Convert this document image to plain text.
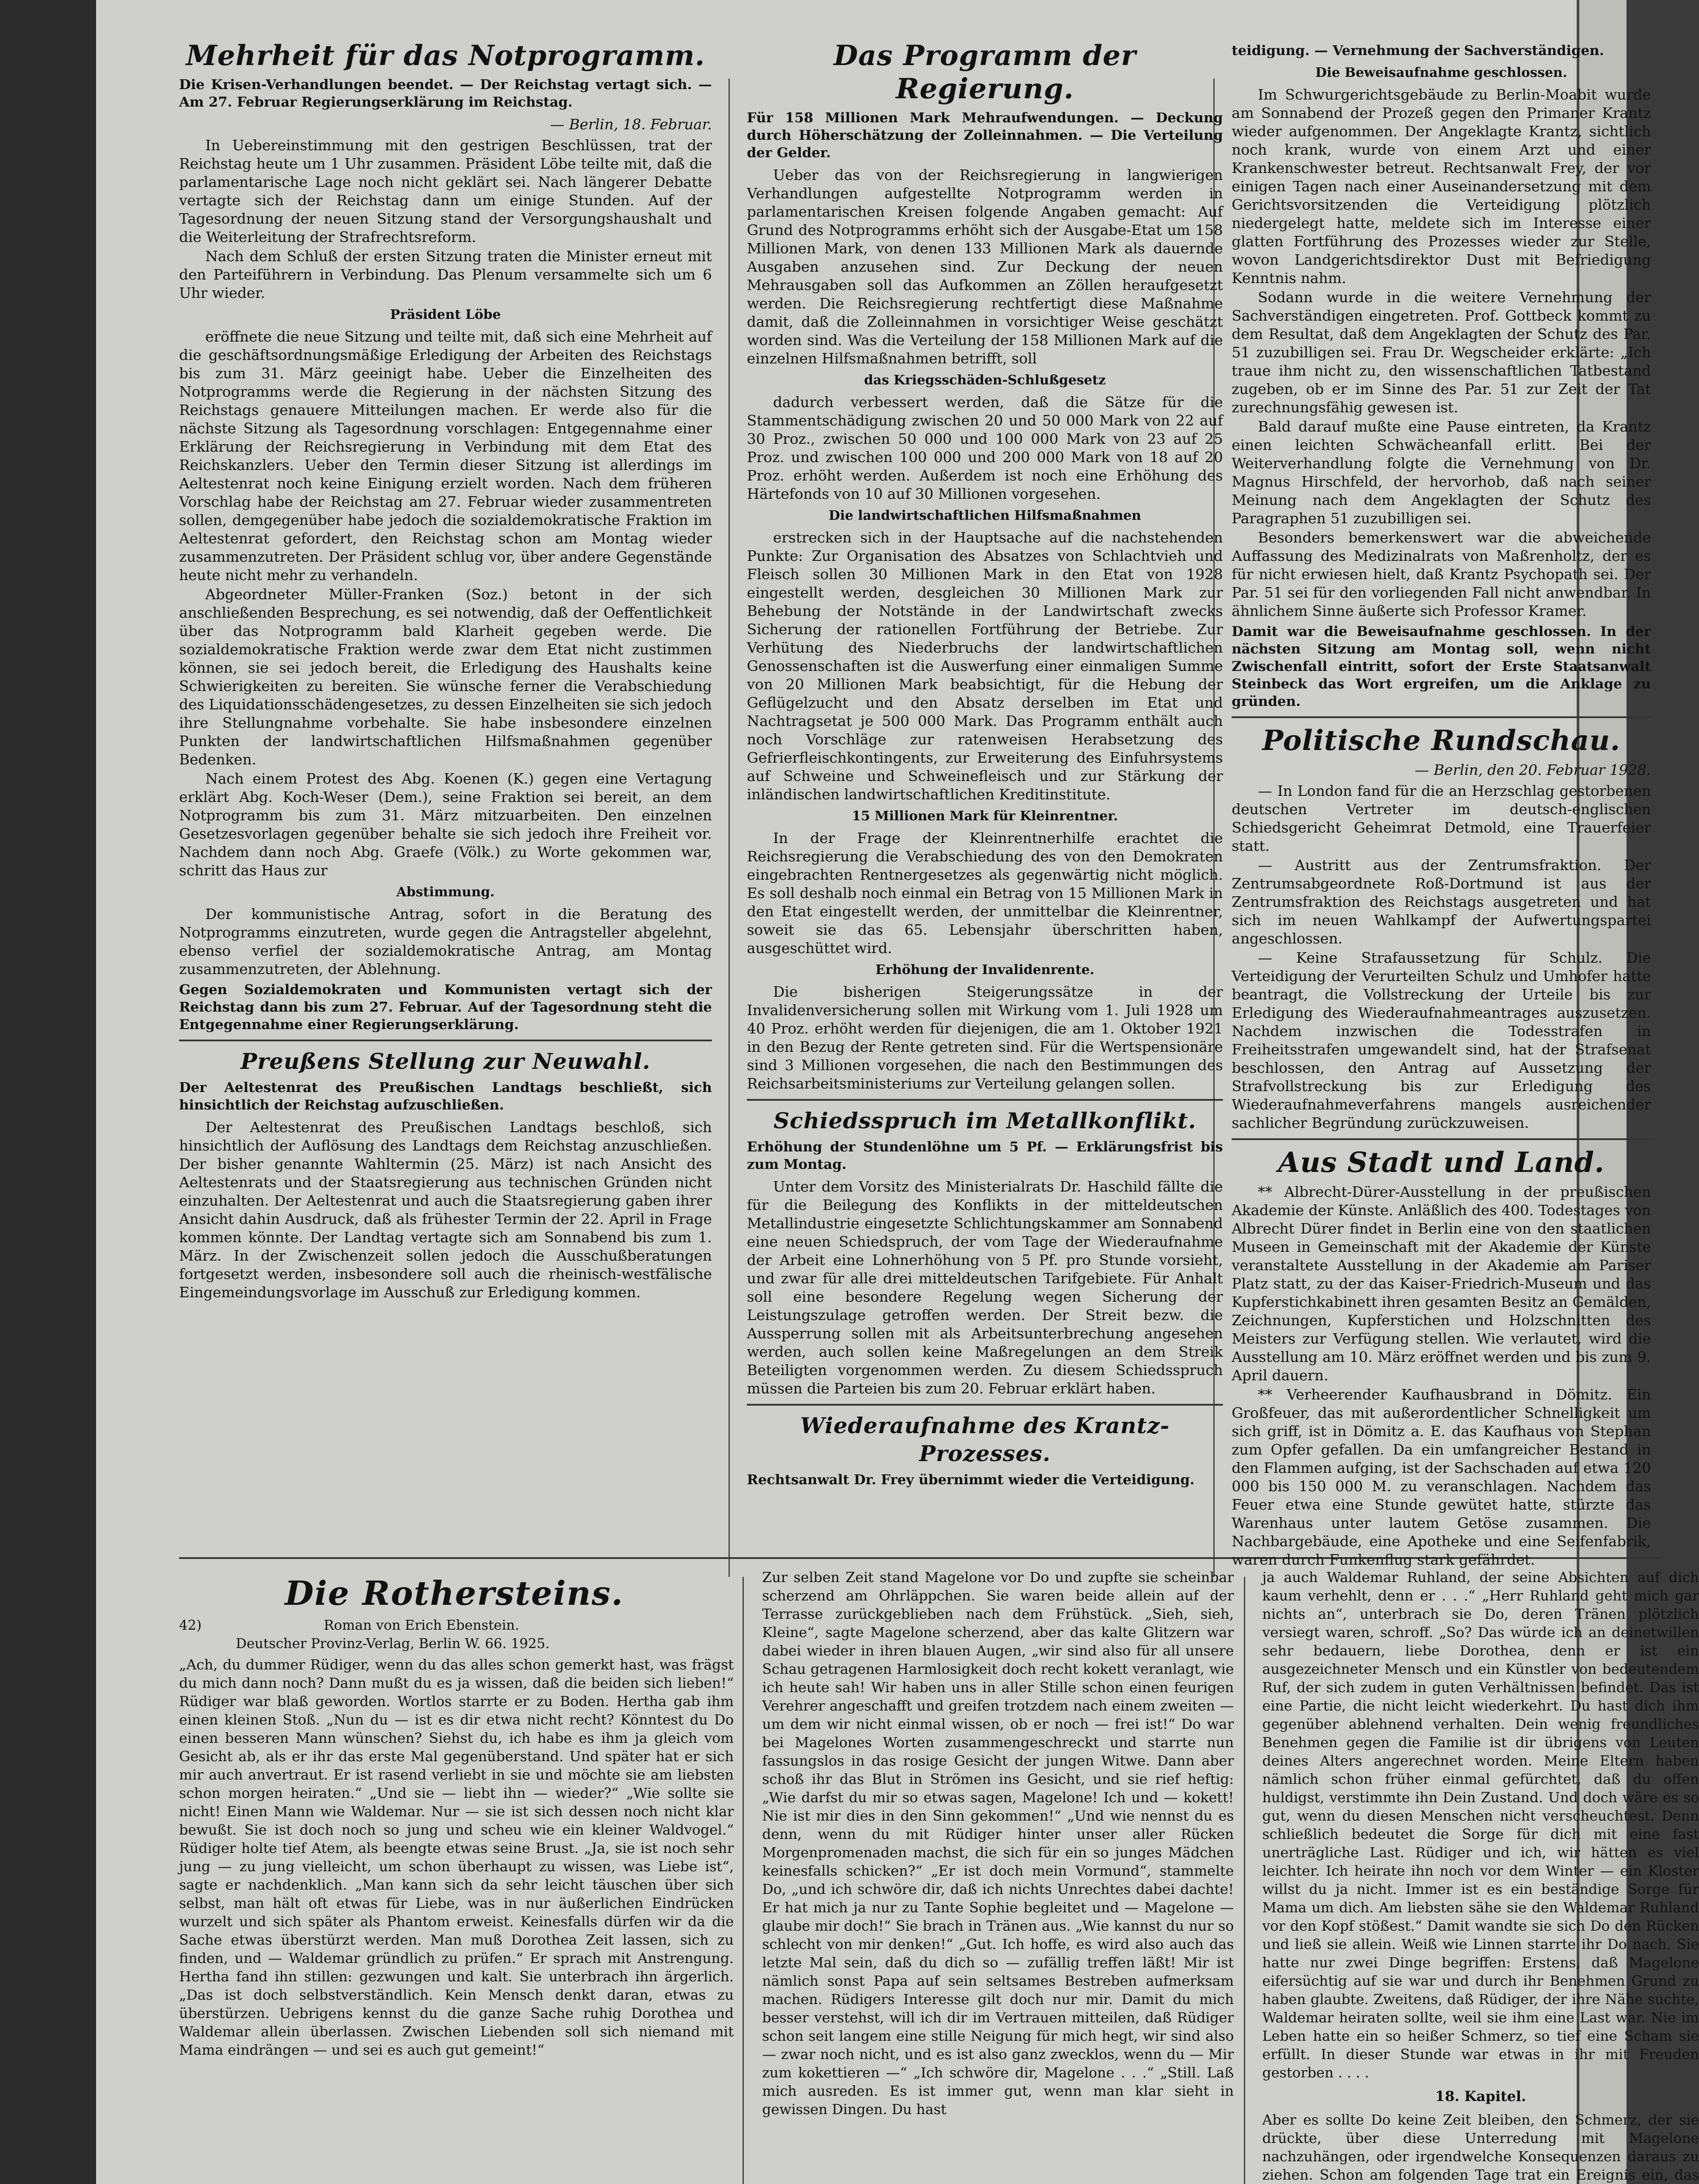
Mehrheit für das Notprogramm.
Die Krisen-Verhandlungen beendet. — Der Reichstag vertagt sich. — Am 27. Februar Regierungserklärung im Reichstag.
— Berlin, 18. Februar.

In Uebereinstimmung mit den gestrigen Beschlüssen, trat der Reichstag heute um 1 Uhr zusammen. Präsident Löbe teilte mit, daß die parlamentarische Lage noch nicht geklärt sei. Nach längerer Debatte vertagte sich der Reichstag dann um einige Stunden. Auf der Tagesordnung der neuen Sitzung stand der Versorgungshaushalt und die Weiterleitung der Strafrechtsreform.

Nach dem Schluß der ersten Sitzung traten die Minister erneut mit den Parteiführern in Verbindung. Das Plenum versammelte sich um 6 Uhr wieder.

Präsident Löbe

eröffnete die neue Sitzung und teilte mit, daß sich eine Mehrheit auf die geschäftsordnungsmäßige Erledigung der Arbeiten des Reichstags bis zum 31. März geeinigt habe. Ueber die Einzelheiten des Notprogramms werde die Regierung in der nächsten Sitzung des Reichstags genauere Mitteilungen machen. Er werde also für die nächste Sitzung als Tagesordnung vorschlagen: Entgegennahme einer Erklärung der Reichsregierung in Verbindung mit dem Etat des Reichskanzlers. Ueber den Termin dieser Sitzung ist allerdings im Aeltestenrat noch keine Einigung erzielt worden. Nach dem früheren Vorschlag habe der Reichstag am 27. Februar wieder zusammentreten sollen, demgegenüber habe jedoch die sozialdemokratische Fraktion im Aeltestenrat gefordert, den Reichstag schon am Montag wieder zusammenzutreten. Der Präsident schlug vor, über andere Gegenstände heute nicht mehr zu verhandeln.

Abgeordneter Müller-Franken (Soz.) betont in der sich anschließenden Besprechung, es sei notwendig, daß der Oeffentlichkeit über das Notprogramm bald Klarheit gegeben werde. Die sozialdemokratische Fraktion werde zwar dem Etat nicht zustimmen können, sie sei jedoch bereit, die Erledigung des Haushalts keine Schwierigkeiten zu bereiten. Sie wünsche ferner die Verabschiedung des Liquidationsschädengesetzes, zu dessen Einzelheiten sie sich jedoch ihre Stellungnahme vorbehalte. Sie habe insbesondere einzelnen Punkten der landwirtschaftlichen Hilfsmaßnahmen gegenüber Bedenken.

Nach einem Protest des Abg. Koenen (K.) gegen eine Vertagung erklärt Abg. Koch-Weser (Dem.), seine Fraktion sei bereit, an dem Notprogramm bis zum 31. März mitzuarbeiten. Den einzelnen Gesetzesvorlagen gegenüber behalte sie sich jedoch ihre Freiheit vor. Nachdem dann noch Abg. Graefe (Völk.) zu Worte gekommen war, schritt das Haus zur

Abstimmung.

Der kommunistische Antrag, sofort in die Beratung des Notprogramms einzutreten, wurde gegen die Antragsteller abgelehnt, ebenso verfiel der sozialdemokratische Antrag, am Montag zusammenzutreten, der Ablehnung.

Gegen Sozialdemokraten und Kommunisten vertagt sich der Reichstag dann bis zum 27. Februar. Auf der Tagesordnung steht die Entgegennahme einer Regierungserklärung.
Preußens Stellung zur Neuwahl.
Der Aeltestenrat des Preußischen Landtags beschließt, sich hinsichtlich der Reichstag aufzuschließen.

Der Aeltestenrat des Preußischen Landtags beschloß, sich hinsichtlich der Auflösung des Landtags dem Reichstag anzuschließen. Der bisher genannte Wahltermin (25. März) ist nach Ansicht des Aeltestenrats und der Staatsregierung aus technischen Gründen nicht einzuhalten. Der Aeltestenrat und auch die Staatsregierung gaben ihrer Ansicht dahin Ausdruck, daß als frühester Termin der 22. April in Frage kommen könnte. Der Landtag vertagte sich am Sonnabend bis zum 1. März. In der Zwischenzeit sollen jedoch die Ausschußberatungen fortgesetzt werden, insbesondere soll auch die rheinisch-westfälische Eingemeindungsvorlage im Ausschuß zur Erledigung kommen.

Das Programm der Regierung.
Für 158 Millionen Mark Mehraufwendungen. — Deckung durch Höherschätzung der Zolleinnahmen. — Die Verteilung der Gelder.

Ueber das von der Reichsregierung in langwierigen Verhandlungen aufgestellte Notprogramm werden in parlamentarischen Kreisen folgende Angaben gemacht: Auf Grund des Notprogramms erhöht sich der Ausgabe-Etat um 158 Millionen Mark, von denen 133 Millionen Mark als dauernde Ausgaben anzusehen sind. Zur Deckung der neuen Mehrausgaben soll das Aufkommen an Zöllen heraufgesetzt werden. Die Reichsregierung rechtfertigt diese Maßnahme damit, daß die Zolleinnahmen in vorsichtiger Weise geschätzt worden sind. Was die Verteilung der 158 Millionen Mark auf die einzelnen Hilfsmaßnahmen betrifft, soll

das Kriegsschäden-Schlußgesetz

dadurch verbessert werden, daß die Sätze für die Stammentschädigung zwischen 20 und 50 000 Mark von 22 auf 30 Proz., zwischen 50 000 und 100 000 Mark von 23 auf 25 Proz. und zwischen 100 000 und 200 000 Mark von 18 auf 20 Proz. erhöht werden. Außerdem ist noch eine Erhöhung des Härtefonds von 10 auf 30 Millionen vorgesehen.

Die landwirtschaftlichen Hilfsmaßnahmen

erstrecken sich in der Hauptsache auf die nachstehenden Punkte: Zur Organisation des Absatzes von Schlachtvieh und Fleisch sollen 30 Millionen Mark in den Etat von 1928 eingestellt werden, desgleichen 30 Millionen Mark zur Behebung der Notstände in der Landwirtschaft zwecks Sicherung der rationellen Fortführung der Betriebe. Zur Verhütung des Niederbruchs der landwirtschaftlichen Genossenschaften ist die Auswerfung einer einmaligen Summe von 20 Millionen Mark beabsichtigt, für die Hebung der Geflügelzucht und den Absatz derselben im Etat und Nachtragsetat je 500 000 Mark. Das Programm enthält auch noch Vorschläge zur ratenweisen Herabsetzung des Gefrierfleischkontingents, zur Erweiterung des Einfuhrsystems auf Schweine und Schweinefleisch und zur Stärkung der inländischen landwirtschaftlichen Kreditinstitute.

15 Millionen Mark für Kleinrentner.

In der Frage der Kleinrentnerhilfe erachtet die Reichsregierung die Verabschiedung des von den Demokraten eingebrachten Rentnergesetzes als gegenwärtig nicht möglich. Es soll deshalb noch einmal ein Betrag von 15 Millionen Mark in den Etat eingestellt werden, der unmittelbar die Kleinrentner, soweit sie das 65. Lebensjahr überschritten haben, ausgeschüttet wird.

Erhöhung der Invalidenrente.

Die bisherigen Steigerungssätze in der Invalidenversicherung sollen mit Wirkung vom 1. Juli 1928 um 40 Proz. erhöht werden für diejenigen, die am 1. Oktober 1921 in den Bezug der Rente getreten sind. Für die Wertspensionäre sind 3 Millionen vorgesehen, die nach den Bestimmungen des Reichsarbeitsministeriums zur Verteilung gelangen sollen.

Schiedsspruch im Metallkonflikt.
Erhöhung der Stundenlöhne um 5 Pf. — Erklärungsfrist bis zum Montag.

Unter dem Vorsitz des Ministerialrats Dr. Haschild fällte die für die Beilegung des Konflikts in der mitteldeutschen Metallindustrie eingesetzte Schlichtungskammer am Sonnabend eine neuen Schiedspruch, der vom Tage der Wiederaufnahme der Arbeit eine Lohnerhöhung von 5 Pf. pro Stunde vorsieht, und zwar für alle drei mitteldeutschen Tarifgebiete. Für Anhalt soll eine besondere Regelung wegen Sicherung der Leistungszulage getroffen werden. Der Streit bezw. die Aussperrung sollen mit als Arbeitsunterbrechung angesehen werden, auch sollen keine Maßregelungen an dem Streik Beteiligten vorgenommen werden. Zu diesem Schiedsspruch müssen die Parteien bis zum 20. Februar erklärt haben.

Wiederaufnahme des Krantz-Prozesses.
Rechtsanwalt Dr. Frey übernimmt wieder die Verteidigung.
teidigung. — Vernehmung der Sachverständigen.
Die Beweisaufnahme geschlossen.

Im Schwurgerichtsgebäude zu Berlin-Moabit wurde am Sonnabend der Prozeß gegen den Primaner Krantz wieder aufgenommen. Der Angeklagte Krantz, sichtlich noch krank, wurde von einem Arzt und einer Krankenschwester betreut. Rechtsanwalt Frey, der vor einigen Tagen nach einer Auseinandersetzung mit dem Gerichtsvorsitzenden die Verteidigung plötzlich niedergelegt hatte, meldete sich im Interesse einer glatten Fortführung des Prozesses wieder zur Stelle, wovon Landgerichtsdirektor Dust mit Befriedigung Kenntnis nahm.

Sodann wurde in die weitere Vernehmung der Sachverständigen eingetreten. Prof. Gottbeck kommt zu dem Resultat, daß dem Angeklagten der Schutz des Par. 51 zuzubilligen sei. Frau Dr. Wegscheider erklärte: „Ich traue ihm nicht zu, den wissenschaftlichen Tatbestand zugeben, ob er im Sinne des Par. 51 zur Zeit der Tat zurechnungsfähig gewesen ist.

Bald darauf mußte eine Pause eintreten, da Krantz einen leichten Schwächeanfall erlitt. Bei der Weiterverhandlung folgte die Vernehmung von Dr. Magnus Hirschfeld, der hervorhob, daß nach seiner Meinung nach dem Angeklagten der Schutz des Paragraphen 51 zuzubilligen sei.

Besonders bemerkenswert war die abweichende Auffassung des Medizinalrats von Maßrenholtz, der es für nicht erwiesen hielt, daß Krantz Psychopath sei. Der Par. 51 sei für den vorliegenden Fall nicht anwendbar. In ähnlichem Sinne äußerte sich Professor Kramer.

Damit war die Beweisaufnahme geschlossen. In der nächsten Sitzung am Montag soll, wenn nicht Zwischenfall eintritt, sofort der Erste Staatsanwalt Steinbeck das Wort ergreifen, um die Anklage zu gründen.
Politische Rundschau.
— Berlin, den 20. Februar 1928.

— In London fand für die an Herzschlag gestorbenen deutschen Vertreter im deutsch-englischen Schiedsgericht Geheimrat Detmold, eine Trauerfeier statt.

— Austritt aus der Zentrumsfraktion. Der Zentrumsabgeordnete Roß-Dortmund ist aus der Zentrumsfraktion des Reichstags ausgetreten und hat sich im neuen Wahlkampf der Aufwertungspartei angeschlossen.

— Keine Strafaussetzung für Schulz. Die Verteidigung der Verurteilten Schulz und Umhofer hatte beantragt, die Vollstreckung der Urteile bis zur Erledigung des Wiederaufnahmeantrages auszusetzen. Nachdem inzwischen die Todesstrafen in Freiheitsstrafen umgewandelt sind, hat der Strafsenat beschlossen, den Antrag auf Aussetzung der Strafvollstreckung bis zur Erledigung des Wiederaufnahmeverfahrens mangels ausreichender sachlicher Begründung zurückzuweisen.

Aus Stadt und Land.

** Albrecht-Dürer-Ausstellung in der preußischen Akademie der Künste. Anläßlich des 400. Todestages von Albrecht Dürer findet in Berlin eine von den staatlichen Museen in Gemeinschaft mit der Akademie der Künste veranstaltete Ausstellung in der Akademie am Pariser Platz statt, zu der das Kaiser-Friedrich-Museum und das Kupferstichkabinett ihren gesamten Besitz an Gemälden, Zeichnungen, Kupferstichen und Holzschnitten des Meisters zur Verfügung stellen. Wie verlautet, wird die Ausstellung am 10. März eröffnet werden und bis zum 9. April dauern.

** Verheerender Kaufhausbrand in Dömitz. Ein Großfeuer, das mit außerordentlicher Schnelligkeit um sich griff, ist in Dömitz a. E. das Kaufhaus von Stephan zum Opfer gefallen. Da ein umfangreicher Bestand in den Flammen aufging, ist der Sachschaden auf etwa 120 000 bis 150 000 M. zu veranschlagen. Nachdem das Feuer etwa eine Stunde gewütet hatte, stürzte das Warenhaus unter lautem Getöse zusammen. Die Nachbargebäude, eine Apotheke und eine Seifenfabrik, waren durch Funkenflug stark gefährdet.

Die Rothersteins.
42)	Roman von Erich Ebenstein.
Deutscher Provinz-Verlag, Berlin W. 66. 1925.
„Ach, du dummer Rüdiger, wenn du das alles schon gemerkt hast, was frägst du mich dann noch? Dann mußt du es ja wissen, daß die beiden sich lieben!“ Rüdiger war blaß geworden. Wortlos starrte er zu Boden. Hertha gab ihm einen kleinen Stoß. „Nun du — ist es dir etwa nicht recht? Könntest du Do einen besseren Mann wünschen? Siehst du, ich habe es ihm ja gleich vom Gesicht ab, als er ihr das erste Mal gegenüberstand. Und später hat er sich mir auch anvertraut. Er ist rasend verliebt in sie und möchte sie am liebsten schon morgen heiraten.“ „Und sie — liebt ihn — wieder?“ „Wie sollte sie nicht! Einen Mann wie Waldemar. Nur — sie ist sich dessen noch nicht klar bewußt. Sie ist doch noch so jung und scheu wie ein kleiner Waldvogel.“ Rüdiger holte tief Atem, als beengte etwas seine Brust. „Ja, sie ist noch sehr jung — zu jung vielleicht, um schon überhaupt zu wissen, was Liebe ist“, sagte er nachdenklich. „Man kann sich da sehr leicht täuschen über sich selbst, man hält oft etwas für Liebe, was in nur äußerlichen Eindrücken wurzelt und sich später als Phantom erweist. Keinesfalls dürfen wir da die Sache etwas überstürzt werden. Man muß Dorothea Zeit lassen, sich zu finden, und — Waldemar gründlich zu prüfen.“ Er sprach mit Anstrengung. Hertha fand ihn stillen: gezwungen und kalt. Sie unterbrach ihn ärgerlich. „Das ist doch selbstverständlich. Kein Mensch denkt daran, etwas zu überstürzen. Uebrigens kennst du die ganze Sache ruhig Dorothea und Waldemar allein überlassen. Zwischen Liebenden soll sich niemand mit Mama eindrängen — und sei es auch gut gemeint!“
Zur selben Zeit stand Magelone vor Do und zupfte sie scheinbar scherzend am Ohrläppchen. Sie waren beide allein auf der Terrasse zurückgeblieben nach dem Frühstück. „Sieh, sieh, Kleine“, sagte Magelone scherzend, aber das kalte Glitzern war dabei wieder in ihren blauen Augen, „wir sind also für all unsere Schau getragenen Harmlosigkeit doch recht kokett veranlagt, wie ich heute sah! Wir haben uns in aller Stille schon einen feurigen Verehrer angeschafft und greifen trotzdem nach einem zweiten — um dem wir nicht einmal wissen, ob er noch — frei ist!“ Do war bei Magelones Worten zusammengeschreckt und starrte nun fassungslos in das rosige Gesicht der jungen Witwe. Dann aber schoß ihr das Blut in Strömen ins Gesicht, und sie rief heftig: „Wie darfst du mir so etwas sagen, Magelone! Ich und — kokett! Nie ist mir dies in den Sinn gekommen!“ „Und wie nennst du es denn, wenn du mit Rüdiger hinter unser aller Rücken Morgenpromenaden machst, die sich für ein so junges Mädchen keinesfalls schicken?“ „Er ist doch mein Vormund“, stammelte Do, „und ich schwöre dir, daß ich nichts Unrechtes dabei dachte! Er hat mich ja nur zu Tante Sophie begleitet und — Magelone — glaube mir doch!“ Sie brach in Tränen aus. „Wie kannst du nur so schlecht von mir denken!“ „Gut. Ich hoffe, es wird also auch das letzte Mal sein, daß du dich so — zufällig treffen läßt! Mir ist nämlich sonst Papa auf sein seltsames Bestreben aufmerksam machen. Rüdigers Interesse gilt doch nur mir. Damit du mich besser verstehst, will ich dir im Vertrauen mitteilen, daß Rüdiger schon seit langem eine stille Neigung für mich hegt, wir sind also — zwar noch nicht, und es ist also ganz zwecklos, wenn du — Mir zum kokettieren —“ „Ich schwöre dir, Magelone . . .“ „Still. Laß mich ausreden. Es ist immer gut, wenn man klar sieht in gewissen Dingen. Du hast
ja auch Waldemar Ruhland, der seine Absichten auf dich kaum verhehlt, denn er . . .“ „Herr Ruhland geht mich gar nichts an“, unterbrach sie Do, deren Tränen plötzlich versiegt waren, schroff. „So? Das würde ich an deinetwillen sehr bedauern, liebe Dorothea, denn er ist ein ausgezeichneter Mensch und ein Künstler von bedeutendem Ruf, der sich zudem in guten Verhältnissen befindet. Das ist eine Partie, die nicht leicht wiederkehrt. Du hast dich ihm gegenüber ablehnend verhalten. Dein wenig freundliches Benehmen gegen die Familie ist dir übrigens von Leuten deines Alters angerechnet worden. Meine Eltern haben nämlich schon früher einmal gefürchtet, daß du offen huldigst, verstimmte ihn Dein Zustand. Und doch wäre es so gut, wenn du diesen Menschen nicht verscheuchtest. Denn schließlich bedeutet die Sorge für dich mit eine fast unerträgliche Last. Rüdiger und ich, wir hätten es viel leichter. Ich heirate ihn noch vor dem Winter — ein Kloster willst du ja nicht. Immer ist es ein beständige Sorge für Mama um dich. Am liebsten sähe sie den Waldemar Ruhland vor den Kopf stößest.“ Damit wandte sie sich Do den Rücken und ließ sie allein. Weiß wie Linnen starrte ihr Do nach. Sie hatte nur zwei Dinge begriffen: Erstens, daß Magelone eifersüchtig auf sie war und durch ihr Benehmen Grund zu haben glaubte. Zweitens, daß Rüdiger, der ihre Nähe suchte, Waldemar heiraten sollte, weil sie ihm eine Last war. Nie im Leben hatte ein so heißer Schmerz, so tief eine Scham sie erfüllt. In dieser Stunde war etwas in ihr mit Freuden gestorben . . . .
18. Kapitel.
Aber es sollte Do keine Zeit bleiben, den Schmerz, der sie drückte, über diese Unterredung mit Magelone nachzuhängen, oder irgendwelche Konsequenzen daraus zu ziehen. Schon am folgenden Tage trat ein Ereignis ein, das
